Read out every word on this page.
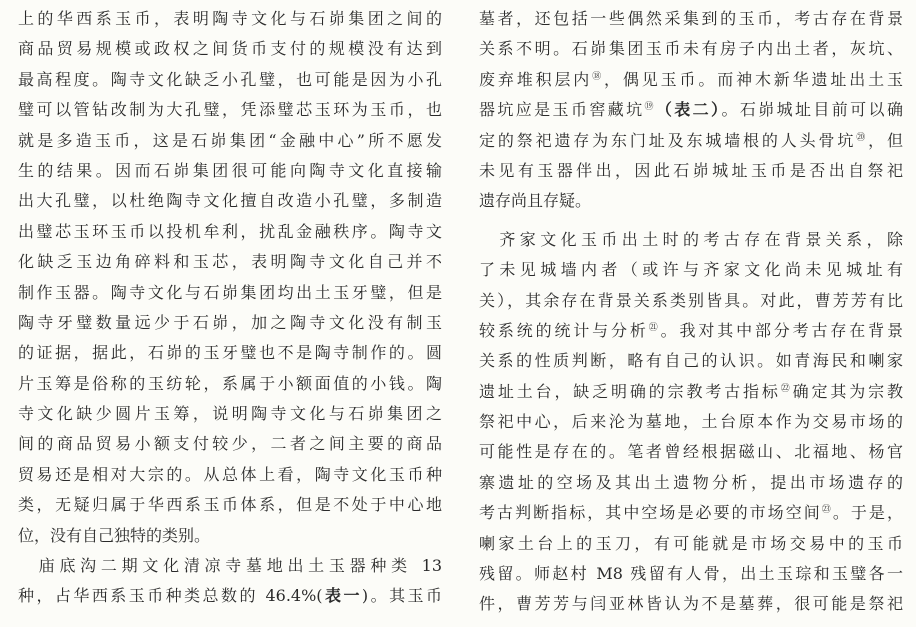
上的华西系玉币，表明陶寺文化与石峁集团之间的
商品贸易规模或政权之间货币支付的规模没有达到
最高程度。陶寺文化缺乏小孔璧，也可能是因为小孔
璧可以管钻改制为大孔璧，凭添璧芯玉环为玉币，也
就是多造玉币，这是石峁集团“金融中心”所不愿发
生的结果。因而石峁集团很可能向陶寺文化直接输
出大孔璧，以杜绝陶寺文化擅自改造小孔璧，多制造
出璧芯玉环玉币以投机牟利，扰乱金融秩序。陶寺文
化缺乏玉边角碎料和玉芯，表明陶寺文化自己并不
制作玉器。陶寺文化与石峁集团均出土玉牙璧，但是
陶寺牙璧数量远少于石峁，加之陶寺文化没有制玉
的证据，据此，石峁的玉牙璧也不是陶寺制作的。圆
片玉筹是俗称的玉纺轮，系属于小额面值的小钱。陶
寺文化缺少圆片玉筹，说明陶寺文化与石峁集团之
间的商品贸易小额支付较少，二者之间主要的商品
贸易还是相对大宗的。从总体上看，陶寺文化玉币种
类，无疑归属于华西系玉币体系，但是不处于中心地
位，没有自己独特的类别。
　庙底沟二期文化清凉寺墓地出土玉器种类 13
种，占华西系玉币种类总数的 46.4%(表一)。其玉币
墓者，还包括一些偶然采集到的玉币，考古存在背景
关系不明。石峁集团玉币未有房子内出土者，灰坑、
废弃堆积层内⑱，偶见玉币。而神木新华遗址出土玉
器坑应是玉币窖藏坑⑲（表二）。石峁城址目前可以确
定的祭祀遗存为东门址及东城墙根的人头骨坑⑳，但
未见有玉器伴出，因此石峁城址玉币是否出自祭祀
遗存尚且存疑。
　齐家文化玉币出土时的考古存在背景关系，除
了未见城墙内者（或许与齐家文化尚未见城址有
关），其余存在背景关系类别皆具。对此，曹芳芳有比
较系统的统计与分析$^㉑$。我对其中部分考古存在背景
关系的性质判断，略有自己的认识。如青海民和喇家
遗址土台，缺乏明确的宗教考古指标$^㉒$确定其为宗教
祭祀中心，后来沦为墓地，土台原本作为交易市场的
可能性是存在的。笔者曾经根据磁山、北福地、杨官
寨遗址的空场及其出土遗物分析，提出市场遗存的
考古判断指标，其中空场是必要的市场空间$^㉓$。于是，
喇家土台上的玉刀，有可能就是市场交易中的玉币
残留。师赵村 M8 残留有人骨，出土玉琮和玉璧各一
件，曹芳芳与闫亚林皆认为不是墓葬，很可能是祭祀
